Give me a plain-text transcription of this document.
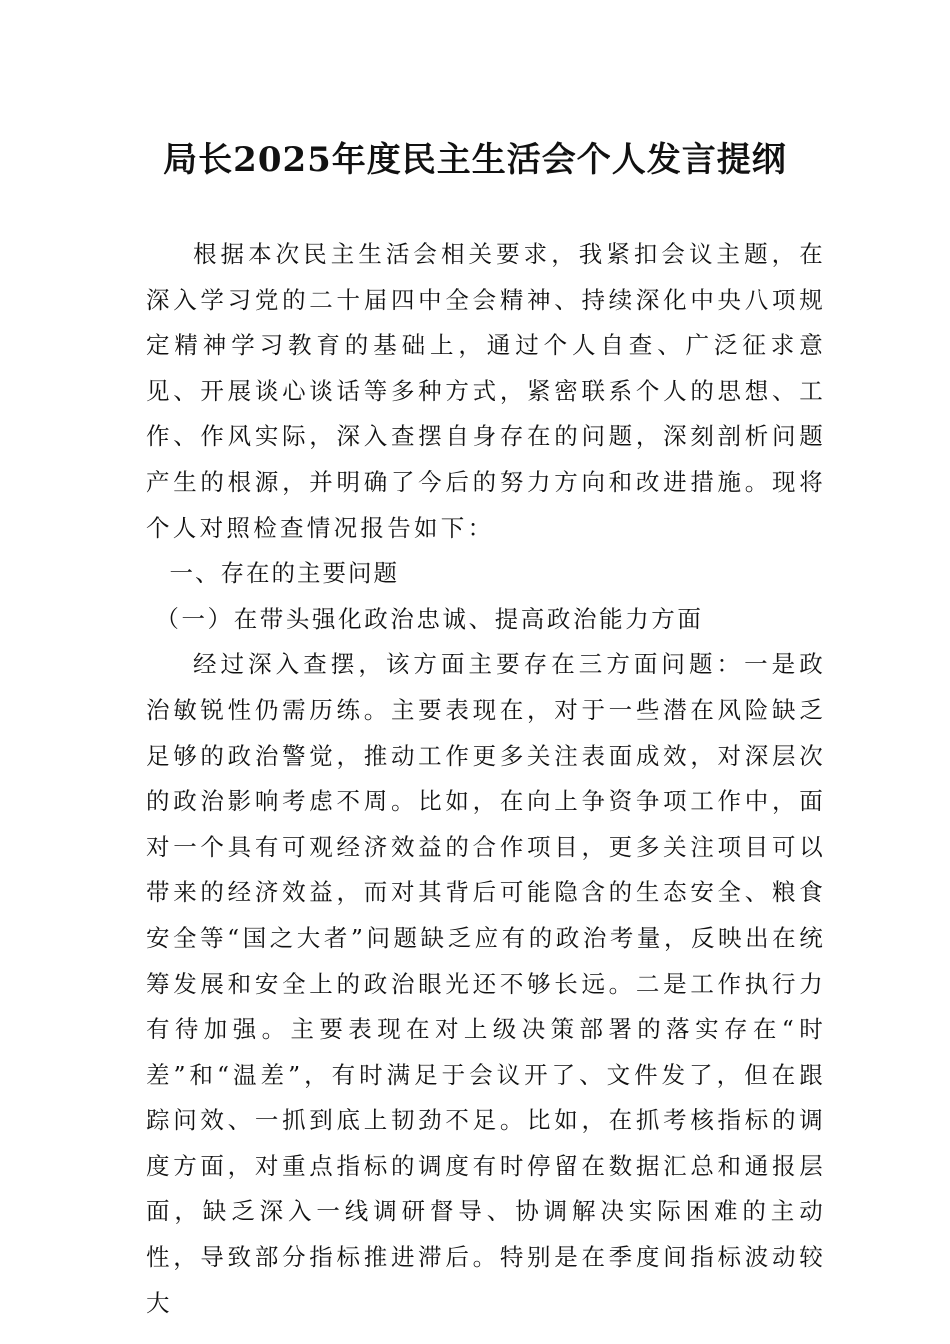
局长2025年度民主生活会个人发言提纲

根据本次民主生活会相关要求，我紧扣会议主题，在深入学习党的二十届四中全会精神、持续深化中央八项规定精神学习教育的基础上，通过个人自查、广泛征求意见、开展谈心谈话等多种方式，紧密联系个人的思想、工作、作风实际，深入查摆自身存在的问题，深刻剖析问题产生的根源，并明确了今后的努力方向和改进措施。现将个人对照检查情况报告如下：

一、存在的主要问题

（一）在带头强化政治忠诚、提高政治能力方面

经过深入查摆，该方面主要存在三方面问题：一是政治敏锐性仍需历练。主要表现在，对于一些潜在风险缺乏足够的政治警觉，推动工作更多关注表面成效，对深层次的政治影响考虑不周。比如，在向上争资争项工作中，面对一个具有可观经济效益的合作项目，更多关注项目可以带来的经济效益，而对其背后可能隐含的生态安全、粮食安全等“国之大者”问题缺乏应有的政治考量，反映出在统筹发展和安全上的政治眼光还不够长远。二是工作执行力有待加强。主要表现在对上级决策部署的落实存在“时差”和“温差”，有时满足于会议开了、文件发了，但在跟踪问效、一抓到底上韧劲不足。比如，在抓考核指标的调度方面，对重点指标的调度有时停留在数据汇总和通报层面，缺乏深入一线调研督导、协调解决实际困难的主动性，导致部分指标推进滞后。特别是在季度间指标波动较大
